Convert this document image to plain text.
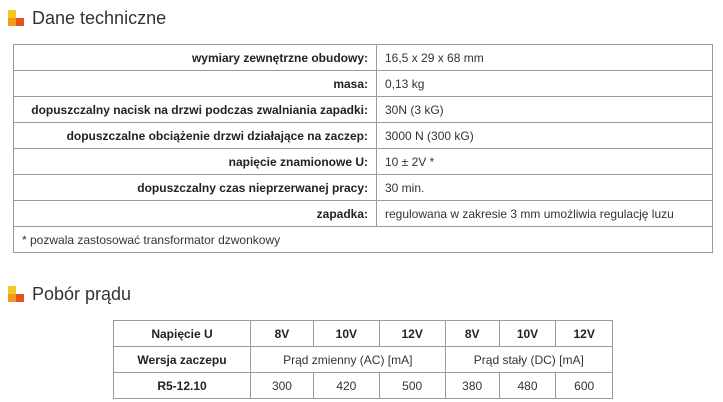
Dane techniczne
wymiary zewnętrzne obudowy:	16,5 x 29 x 68 mm
masa:	0,13 kg
dopuszczalny nacisk na drzwi podczas zwalniania zapadki:	30N (3 kG)
dopuszczalne obciążenie drzwi działające na zaczep:	3000 N (300 kG)
napięcie znamionowe U:	10 ± 2V *
dopuszczalny czas nieprzerwanej pracy:	30 min.
zapadka:	regulowana w zakresie 3 mm umożliwia regulację luzu
* pozwala zastosować transformator dzwonkowy	
Pobór prądu
Napięcie U	8V	10V	12V	8V	10V	12V
Wersja zaczepu	Prąd zmienny (AC) [mA]			Prąd stały (DC) [mA]		
R5-12.10	300	420	500	380	480	600
